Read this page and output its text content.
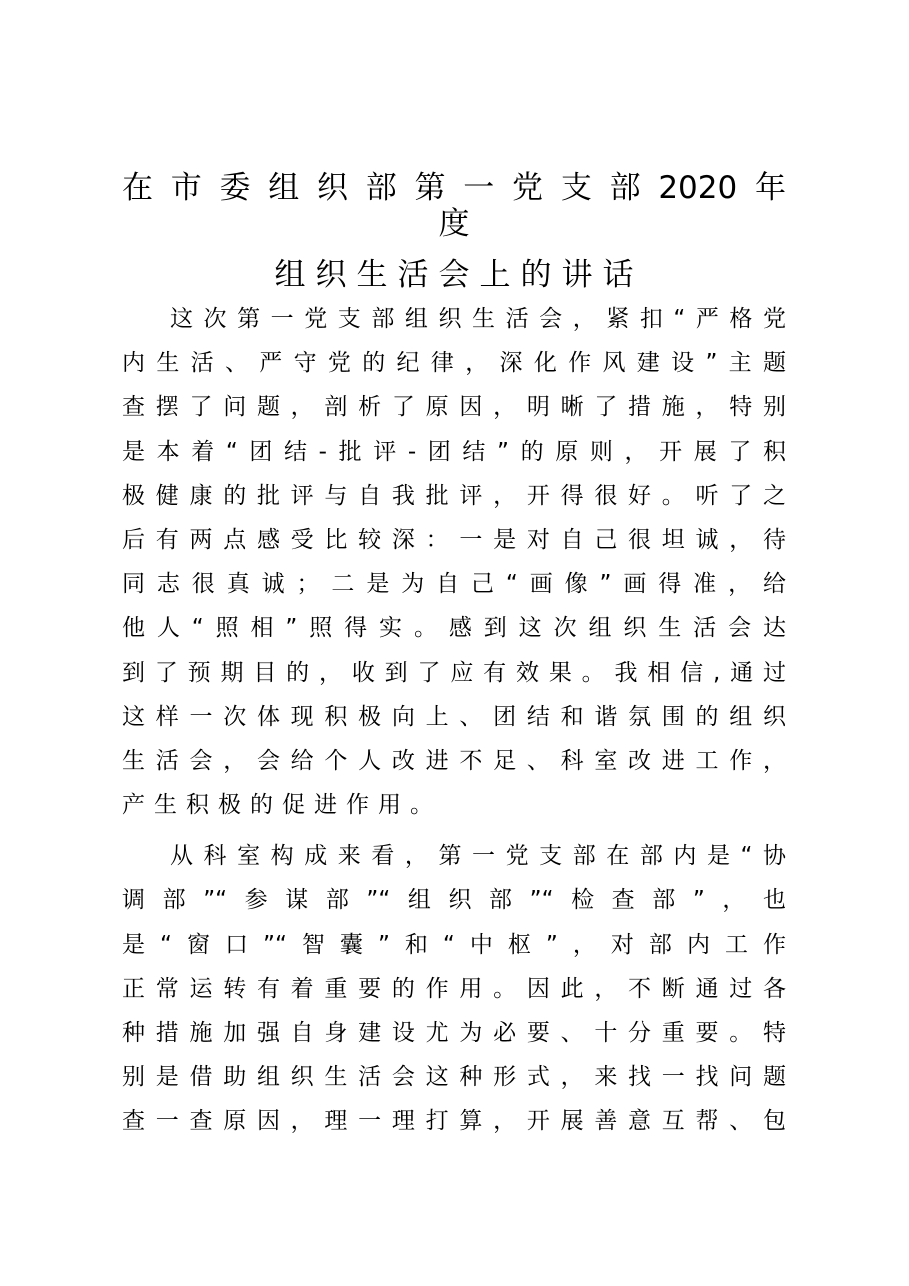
在市委组织部第一党支部2020年
度
组织生活会上的讲话
这次第一党支部组织生活会，紧扣“严格党
内生活、严守党的纪律，深化作风建设”主题
查摆了问题，剖析了原因，明晰了措施，特别
是本着“团结-批评-团结”的原则，开展了积
极健康的批评与自我批评，开得很好。听了之
后有两点感受比较深：一是对自己很坦诚，待
同志很真诚；二是为自己“画像”画得准，给
他人“照相”照得实。感到这次组织生活会达
到了预期目的，收到了应有效果。我相信,通过
这样一次体现积极向上、团结和谐氛围的组织
生活会，会给个人改进不足、科室改进工作，
产生积极的促进作用。
从科室构成来看，第一党支部在部内是“协
调部”“参谋部”“组织部”“检查部”，也
是“窗口”“智囊”和“中枢”，对部内工作
正常运转有着重要的作用。因此，不断通过各
种措施加强自身建设尤为必要、十分重要。特
别是借助组织生活会这种形式，来找一找问题
查一查原因，理一理打算，开展善意互帮、包
